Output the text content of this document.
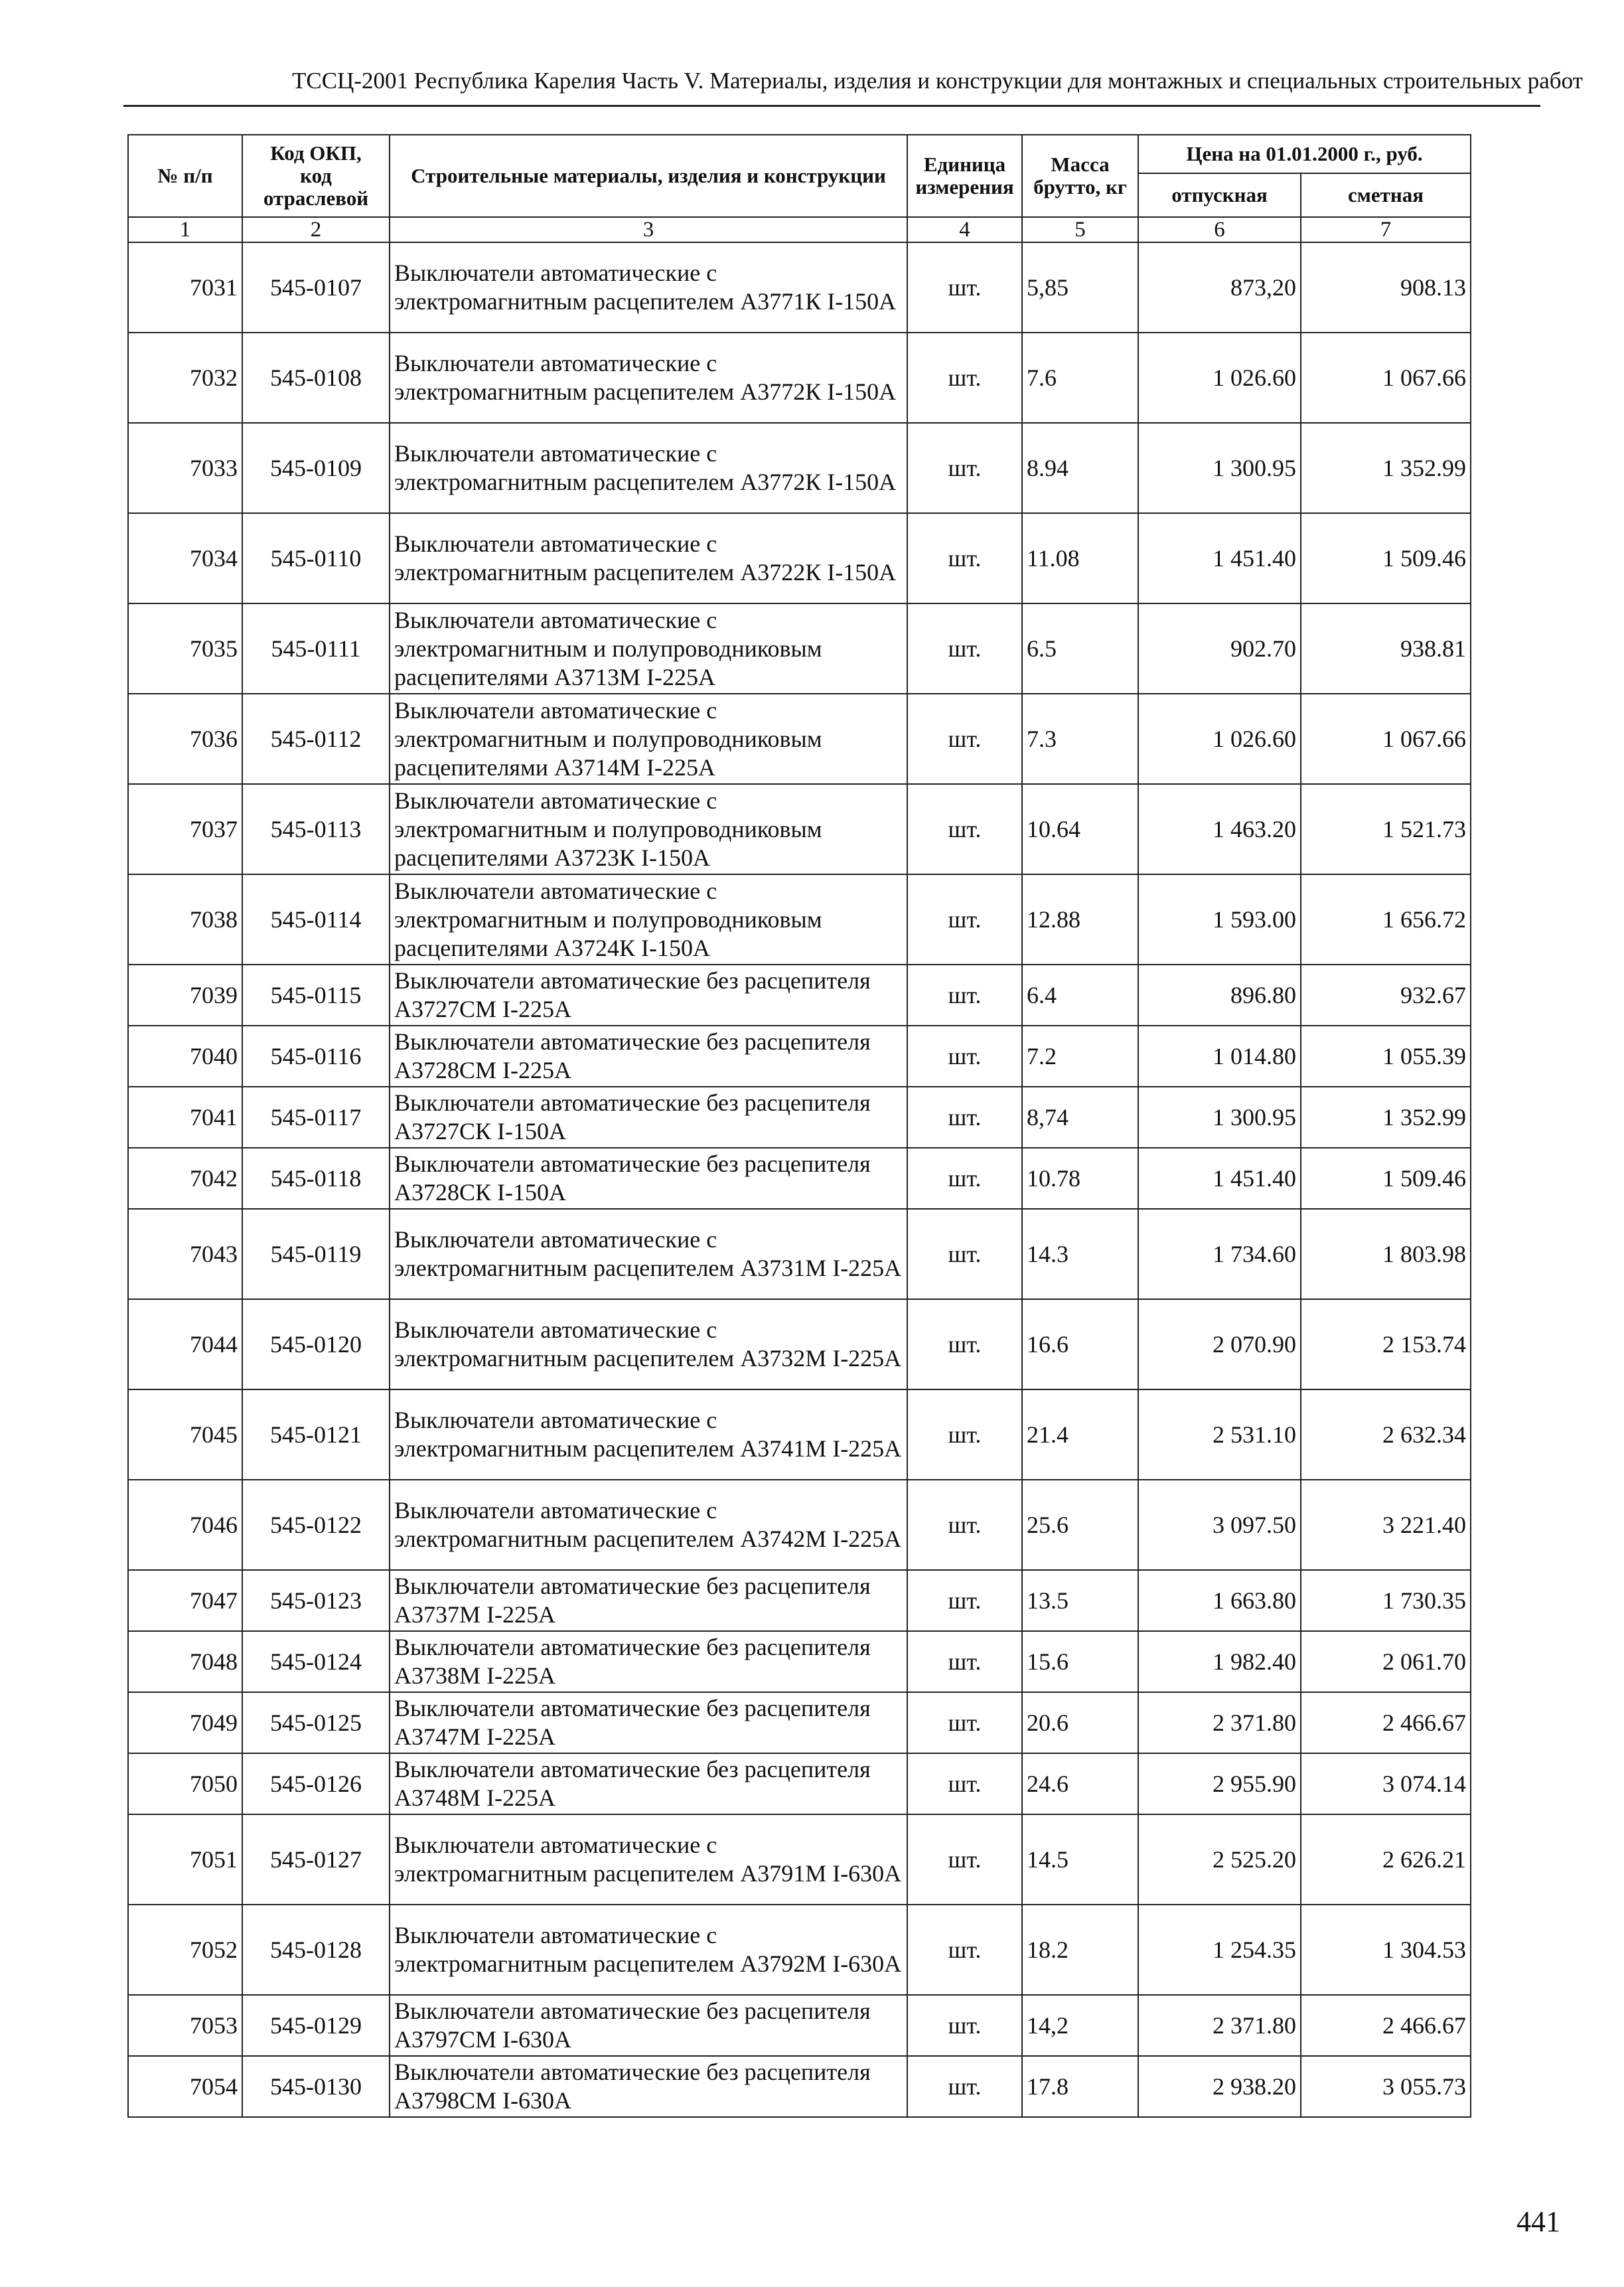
ТССЦ-2001 Республика Карелия Часть V. Материалы, изделия и конструкции для монтажных и специальных строительных работ
№ п/п	Код ОКП,
код
отраслевой	Строительные материалы, изделия и конструкции	Единица измерения	Масса брутто, кг	Цена на 01.01.2000 г., руб.	
					отпускная	сметная
1	2	3	4	5	6	7
7031	545-0107	Выключатели автоматические с электромагнитным расцепителем А3771К I-150А	шт.	5,85	873,20	908.13
7032	545-0108	Выключатели автоматические с электромагнитным расцепителем А3772К I-150А	шт.	7.6	1 026.60	1 067.66
7033	545-0109	Выключатели автоматические с электромагнитным расцепителем А3772К I-150А	шт.	8.94	1 300.95	1 352.99
7034	545-0110	Выключатели автоматические с электромагнитным расцепителем А3722К I-150А	шт.	11.08	1 451.40	1 509.46
7035	545-0111	Выключатели автоматические с электромагнитным и полупроводниковым расцепителями А3713М I-225А	шт.	6.5	902.70	938.81
7036	545-0112	Выключатели автоматические с электромагнитным и полупроводниковым расцепителями А3714М I-225А	шт.	7.3	1 026.60	1 067.66
7037	545-0113	Выключатели автоматические с электромагнитным и полупроводниковым расцепителями А3723К I-150А	шт.	10.64	1 463.20	1 521.73
7038	545-0114	Выключатели автоматические с электромагнитным и полупроводниковым расцепителями А3724К I-150А	шт.	12.88	1 593.00	1 656.72
7039	545-0115	Выключатели автоматические без расцепителя А3727СМ I-225А	шт.	6.4	896.80	932.67
7040	545-0116	Выключатели автоматические без расцепителя А3728СМ I-225А	шт.	7.2	1 014.80	1 055.39
7041	545-0117	Выключатели автоматические без расцепителя А3727СК I-150А	шт.	8,74	1 300.95	1 352.99
7042	545-0118	Выключатели автоматические без расцепителя А3728СК I-150А	шт.	10.78	1 451.40	1 509.46
7043	545-0119	Выключатели автоматические с электромагнитным расцепителем А3731М I-225А	шт.	14.3	1 734.60	1 803.98
7044	545-0120	Выключатели автоматические с электромагнитным расцепителем А3732М I-225А	шт.	16.6	2 070.90	2 153.74
7045	545-0121	Выключатели автоматические с электромагнитным расцепителем А3741М I-225А	шт.	21.4	2 531.10	2 632.34
7046	545-0122	Выключатели автоматические с электромагнитным расцепителем А3742М I-225А	шт.	25.6	3 097.50	3 221.40
7047	545-0123	Выключатели автоматические без расцепителя А3737М I-225А	шт.	13.5	1 663.80	1 730.35
7048	545-0124	Выключатели автоматические без расцепителя А3738М I-225А	шт.	15.6	1 982.40	2 061.70
7049	545-0125	Выключатели автоматические без расцепителя А3747М I-225А	шт.	20.6	2 371.80	2 466.67
7050	545-0126	Выключатели автоматические без расцепителя А3748М I-225А	шт.	24.6	2 955.90	3 074.14
7051	545-0127	Выключатели автоматические с электромагнитным расцепителем А3791М I-630А	шт.	14.5	2 525.20	2 626.21
7052	545-0128	Выключатели автоматические с электромагнитным расцепителем А3792М I-630А	шт.	18.2	1 254.35	1 304.53
7053	545-0129	Выключатели автоматические без расцепителя А3797СМ I-630А	шт.	14,2	2 371.80	2 466.67
7054	545-0130	Выключатели автоматические без расцепителя А3798СМ I-630А	шт.	17.8	2 938.20	3 055.73
441
